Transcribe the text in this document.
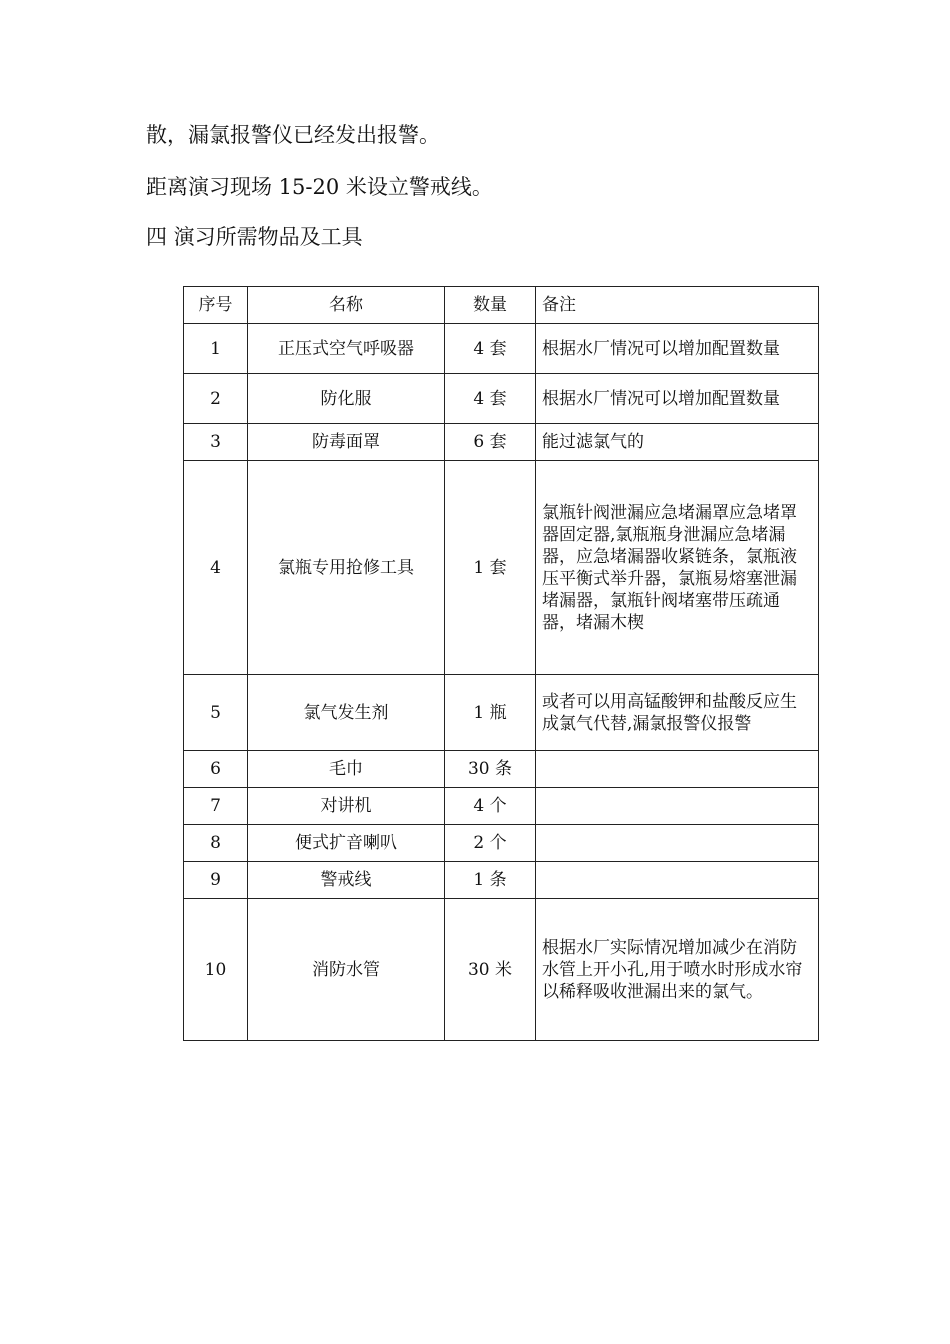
散，漏氯报警仪已经发出报警。
距离演习现场 15-20 米设立警戒线。
四 演习所需物品及工具
序号	名称	数量	备注
1	正压式空气呼吸器	4 套	根据水厂情况可以增加配置数量
2	防化服	4 套	根据水厂情况可以增加配置数量
3	防毒面罩	6 套	能过滤氯气的
4	氯瓶专用抢修工具	1 套	氯瓶针阀泄漏应急堵漏罩应急堵罩器固定器,氯瓶瓶身泄漏应急堵漏器，应急堵漏器收紧链条，氯瓶液压平衡式举升器，氯瓶易熔塞泄漏堵漏器，氯瓶针阀堵塞带压疏通器，堵漏木楔
5	氯气发生剂	1 瓶	或者可以用高锰酸钾和盐酸反应生成氯气代替,漏氯报警仪报警
6	毛巾	30 条	
7	对讲机	4 个	
8	便式扩音喇叭	2 个	
9	警戒线	1 条	
10	消防水管	30 米	根据水厂实际情况增加减少在消防水管上开小孔,用于喷水时形成水帘以稀释吸收泄漏出来的氯气。
